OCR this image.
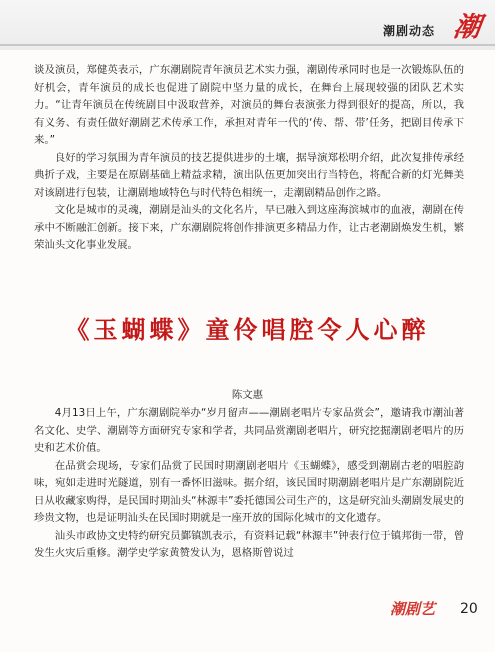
潮剧动态 潮

谈及演员，郑健英表示，广东潮剧院青年演员艺术实力强，潮剧传承同时也是一次锻炼队伍的好机会，青年演员的成长也促进了剧院中坚力量的成长，在舞台上展现较强的团队艺术实力。“让青年演员在传统剧目中汲取营养，对演员的舞台表演张力得到很好的提高，所以，我有义务、有责任做好潮剧艺术传承工作，承担对青年一代的‘传、帮、带’任务，把剧目传承下来。”

良好的学习氛围为青年演员的技艺提供进步的土壤，据导演郑松明介绍，此次复排传承经典折子戏，主要是在原剧基础上精益求精，演出队伍更加突出行当特色，将配合新的灯光舞美对该剧进行包装，让潮剧地域特色与时代特色相统一，走潮剧精品创作之路。

文化是城市的灵魂，潮剧是汕头的文化名片，早已融入到这座海滨城市的血液，潮剧在传承中不断融汇创新。接下来，广东潮剧院将创作排演更多精品力作，让古老潮剧焕发生机，繁荣汕头文化事业发展。

《玉蝴蝶》童伶唱腔令人心醉
陈文惠

4月13日上午，广东潮剧院举办“岁月留声——潮剧老唱片专家品赏会”，邀请我市潮汕著名文化、史学、潮剧等方面研究专家和学者，共同品赏潮剧老唱片，研究挖掘潮剧老唱片的历史和艺术价值。

在品赏会现场，专家们品赏了民国时期潮剧老唱片《玉蝴蝶》，感受到潮剧古老的唱腔韵味，宛如走进时光隧道，别有一番怀旧滋味。据介绍，该民国时期潮剧老唱片是广东潮剧院近日从收藏家购得，是民国时期汕头“林源丰”委托德国公司生产的，这是研究汕头潮剧发展史的珍贵文物，也是证明汕头在民国时期就是一座开放的国际化城市的文化遗存。

汕头市政协文史特约研究员鄞镇凯表示，有资料记载“林源丰”钟表行位于镇邦街一带，曾发生火灾后重修。潮学史学家黄赞发认为，恩格斯曾说过

潮剧艺	20
